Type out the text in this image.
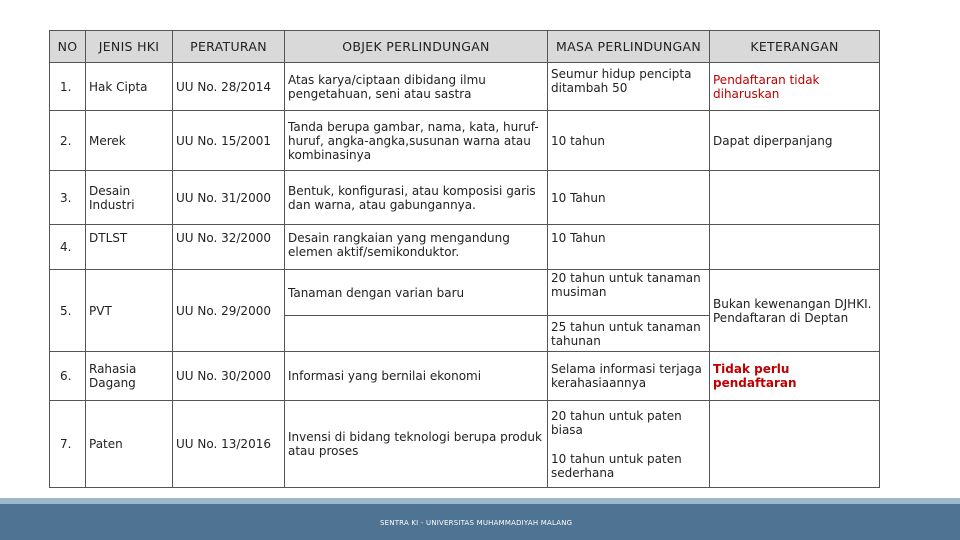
NO	JENIS HKI	PERATURAN	OBJEK PERLINDUNGAN	MASA PERLINDUNGAN	KETERANGAN
1.	Hak Cipta	UU No. 28/2014	Atas karya/ciptaan dibidang ilmu pengetahuan, seni atau sastra	Seumur hidup pencipta ditambah 50	Pendaftaran tidak diharuskan
2.	Merek	UU No. 15/2001	Tanda berupa gambar, nama, kata, huruf-huruf, angka-angka,susunan warna atau kombinasinya	10 tahun	Dapat diperpanjang
3.	Desain Industri	UU No. 31/2000	Bentuk, konfigurasi, atau komposisi garis dan warna, atau gabungannya.	10 Tahun	
4.	DTLST	UU No. 32/2000	Desain rangkaian yang mengandung elemen aktif/semikonduktor.	10 Tahun	
5.	PVT	UU No. 29/2000	Tanaman dengan varian baru	20 tahun untuk tanaman musiman	Bukan kewenangan DJHKI. Pendaftaran di Deptan
				25 tahun untuk tanaman tahunan	
6.	Rahasia Dagang	UU No. 30/2000	Informasi yang bernilai ekonomi	Selama informasi terjaga kerahasiaannya	Tidak perlu pendaftaran
7.	Paten	UU No. 13/2016	Invensi di bidang teknologi berupa produk atau proses	20 tahun untuk paten biasa	
				10 tahun untuk paten sederhana	
SENTRA KI - UNIVERSITAS MUHAMMADIYAH MALANG
